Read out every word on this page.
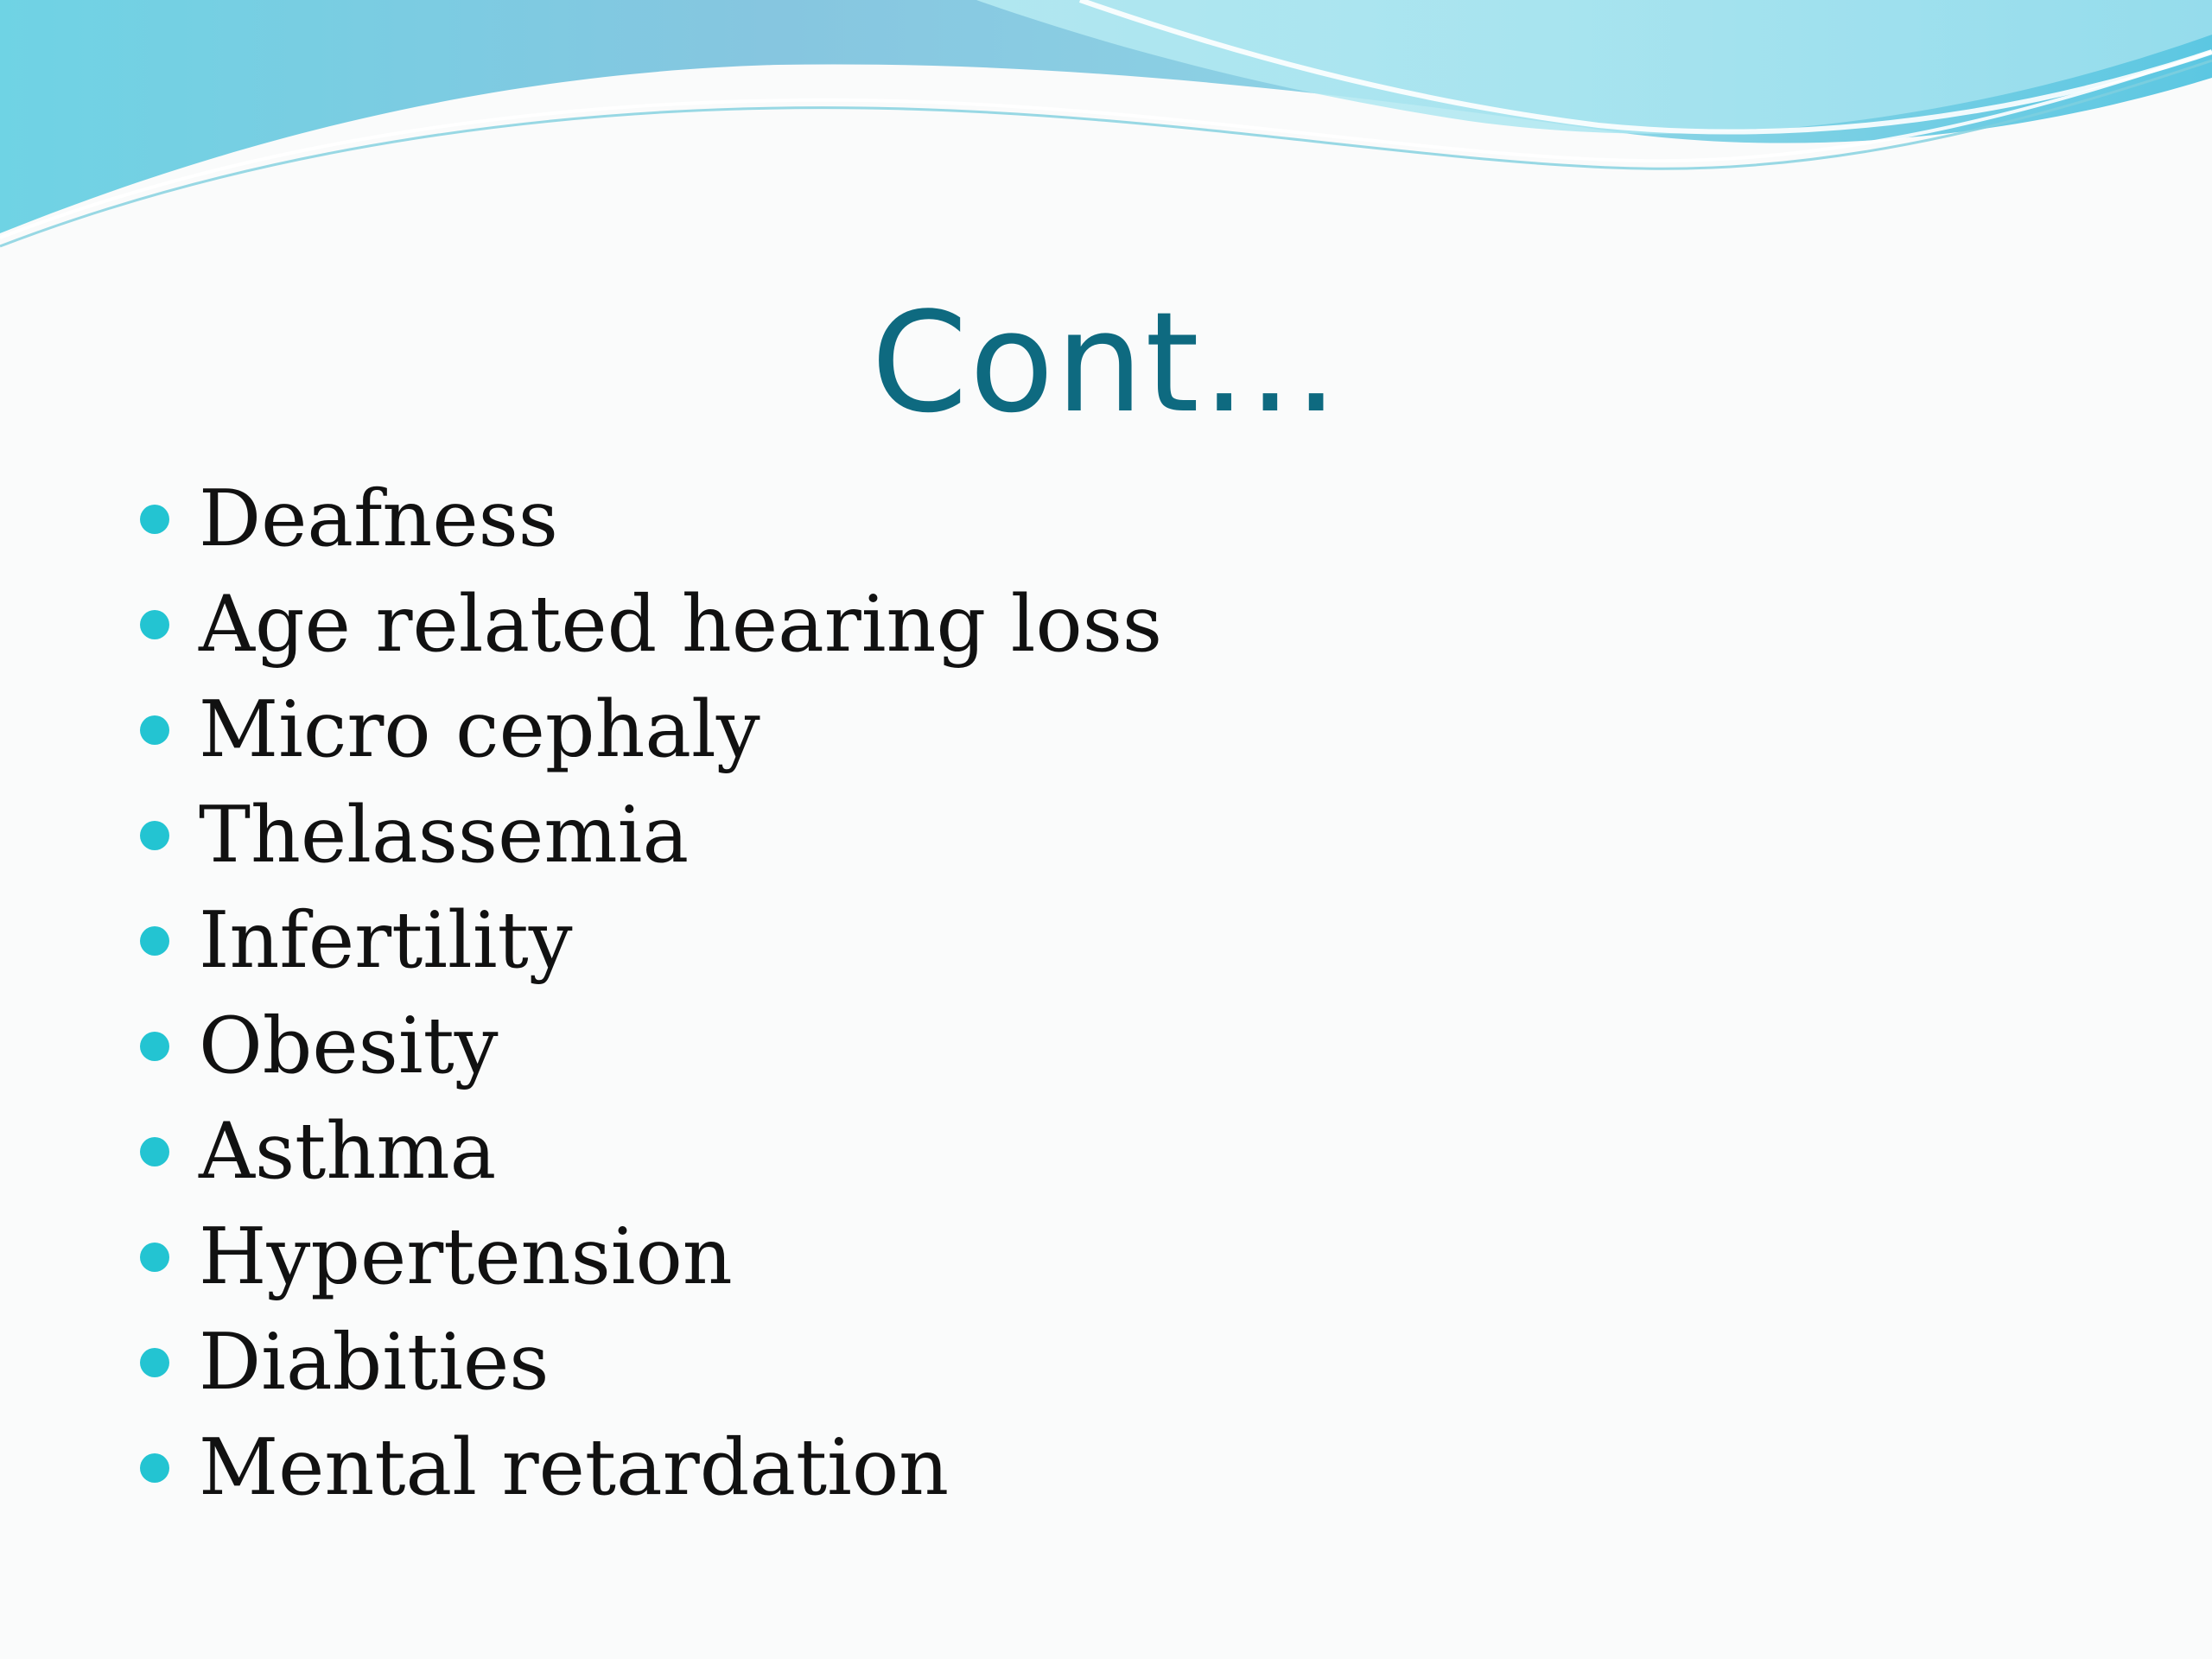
Cont…
Deafness
Age related hearing loss
Micro cephaly
Thelassemia
Infertility
Obesity
Asthma
Hypertension
Diabities
Mental retardation
